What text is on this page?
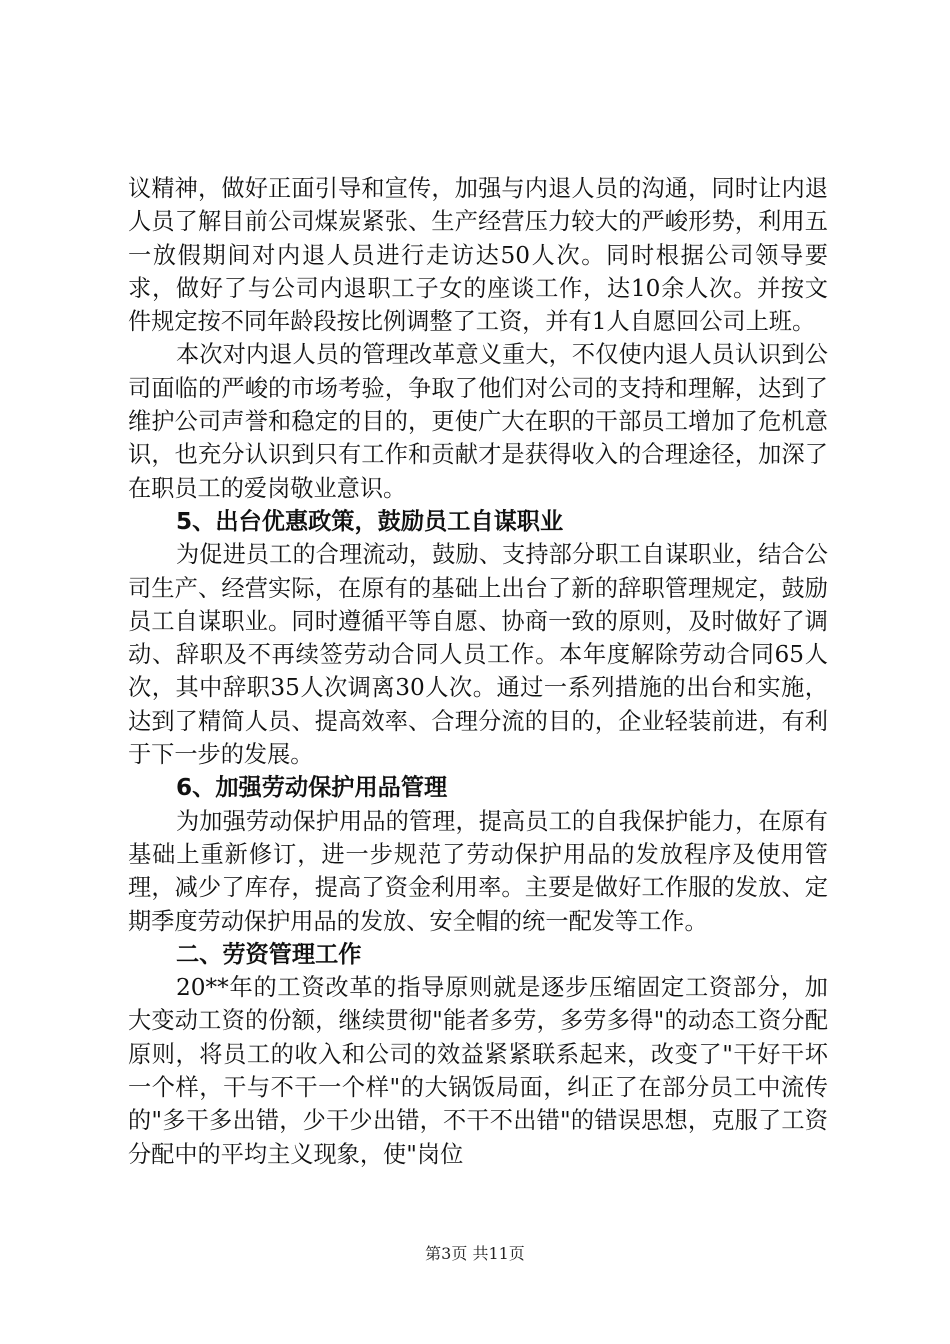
议精神，做好正面引导和宣传，加强与内退人员的沟通，同时让内退人员了解目前公司煤炭紧张、生产经营压力较大的严峻形势，利用五一放假期间对内退人员进行走访达50人次。同时根据公司领导要求，做好了与公司内退职工子女的座谈工作，达10余人次。并按文件规定按不同年龄段按比例调整了工资，并有1人自愿回公司上班。

本次对内退人员的管理改革意义重大，不仅使内退人员认识到公司面临的严峻的市场考验，争取了他们对公司的支持和理解，达到了维护公司声誉和稳定的目的，更使广大在职的干部员工增加了危机意识，也充分认识到只有工作和贡献才是获得收入的合理途径，加深了在职员工的爱岗敬业意识。

5、出台优惠政策，鼓励员工自谋职业

为促进员工的合理流动，鼓励、支持部分职工自谋职业，结合公司生产、经营实际，在原有的基础上出台了新的辞职管理规定，鼓励员工自谋职业。同时遵循平等自愿、协商一致的原则，及时做好了调动、辞职及不再续签劳动合同人员工作。本年度解除劳动合同65人次，其中辞职35人次调离30人次。通过一系列措施的出台和实施，达到了精简人员、提高效率、合理分流的目的，企业轻装前进，有利于下一步的发展。

6、加强劳动保护用品管理

为加强劳动保护用品的管理，提高员工的自我保护能力，在原有基础上重新修订，进一步规范了劳动保护用品的发放程序及使用管理，减少了库存，提高了资金利用率。主要是做好工作服的发放、定期季度劳动保护用品的发放、安全帽的统一配发等工作。

二、劳资管理工作

20**年的工资改革的指导原则就是逐步压缩固定工资部分，加大变动工资的份额，继续贯彻"能者多劳，多劳多得"的动态工资分配原则，将员工的收入和公司的效益紧紧联系起来，改变了"干好干坏一个样，干与不干一个样"的大锅饭局面，纠正了在部分员工中流传的"多干多出错，少干少出错，不干不出错"的错误思想，克服了工资分配中的平均主义现象，使"岗位

第3页 共11页
